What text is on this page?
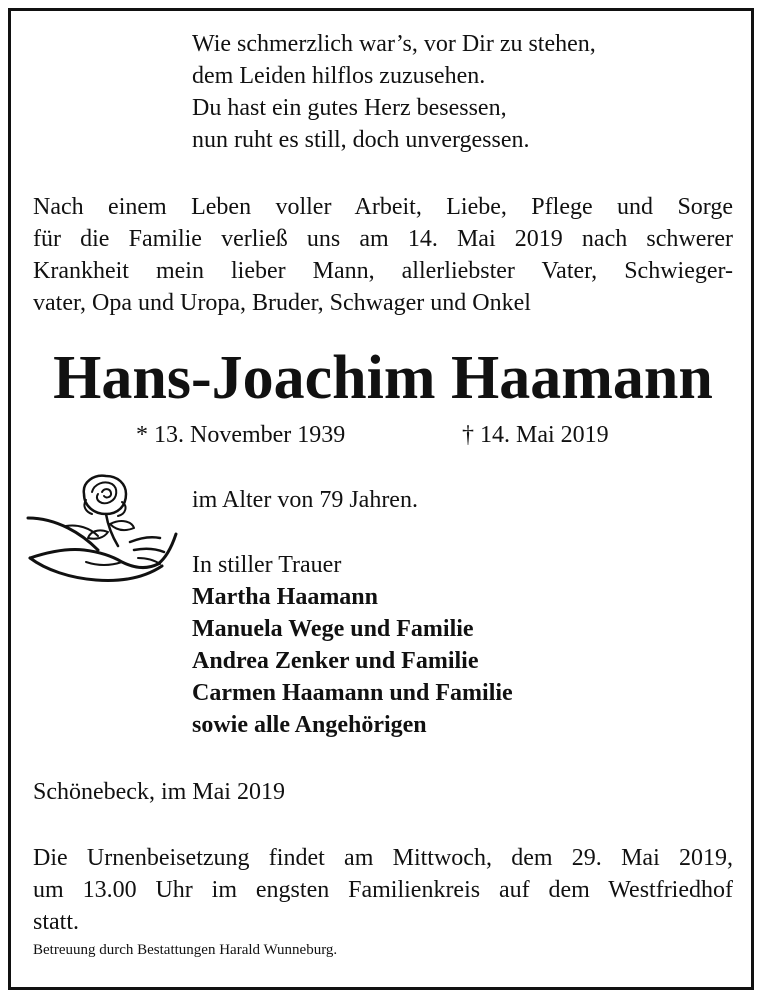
Wie schmerzlich war’s, vor Dir zu stehen,
dem Leiden hilflos zuzusehen.
Du hast ein gutes Herz besessen,
nun ruht es still, doch unvergessen.
Nach einem Leben voller Arbeit, Liebe, Pflege und Sorge
für die Familie verließ uns am 14. Mai 2019 nach schwerer
Krankheit mein lieber Mann, allerliebster Vater, Schwieger-
vater, Opa und Uropa, Bruder, Schwager und Onkel
Hans-Joachim Haamann
* 13. November 1939	† 14. Mai 2019
im Alter von 79 Jahren.
In stiller Trauer
Martha Haamann
Manuela Wege und Familie
Andrea Zenker und Familie
Carmen Haamann und Familie
sowie alle Angehörigen
Schönebeck, im Mai 2019
Die Urnenbeisetzung findet am Mittwoch, dem 29. Mai 2019,
um 13.00 Uhr im engsten Familienkreis auf dem Westfriedhof
statt.
Betreuung durch Bestattungen Harald Wunneburg.
